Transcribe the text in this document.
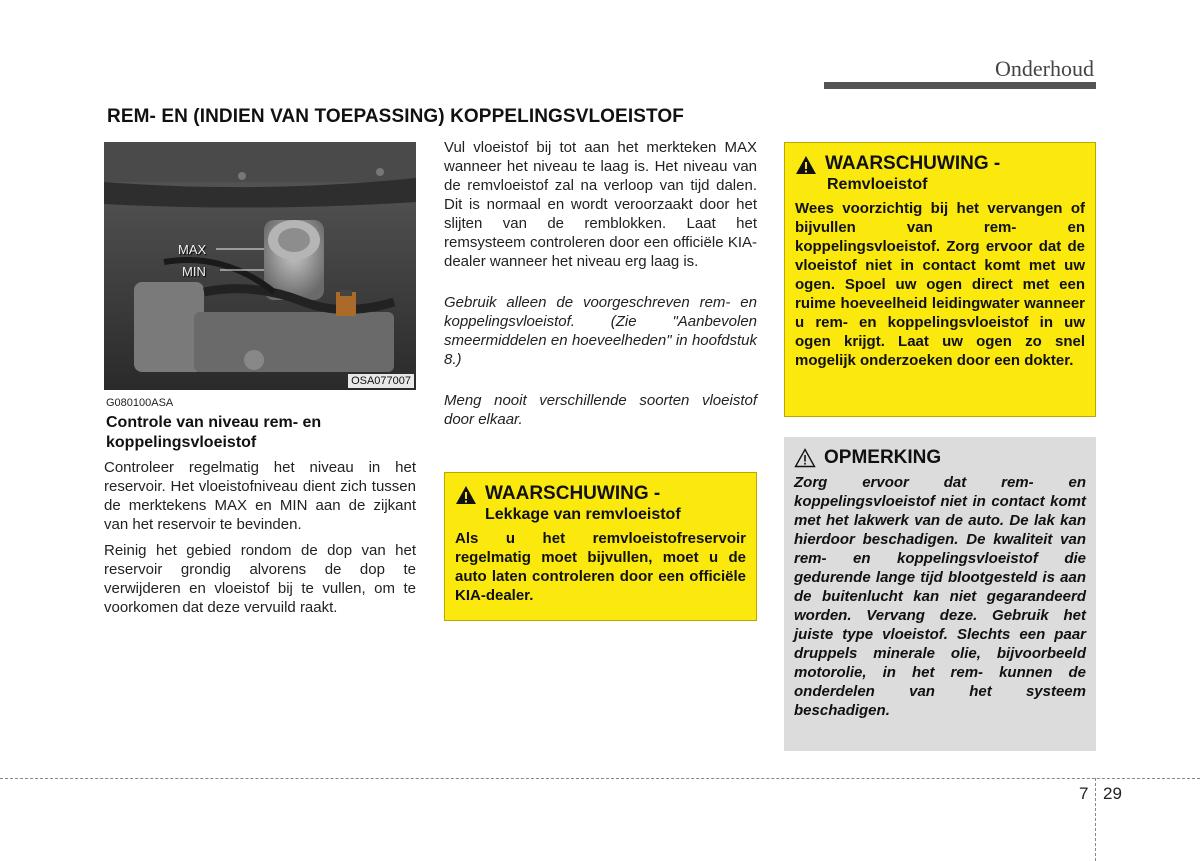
Onderhoud
REM- EN (INDIEN VAN TOEPASSING) KOPPELINGSVLOEISTOF
MAX
MIN
OSA077007
G080100ASA
Controle van niveau rem- en koppelingsvloeistof

Controleer regelmatig het niveau in het reservoir. Het vloeistofniveau dient zich tussen de merktekens MAX en MIN aan de zijkant van het reservoir te bevinden.

Reinig het gebied rondom de dop van het reservoir grondig alvorens de dop te verwijderen en vloeistof bij te vullen, om te voorkomen dat deze vervuild raakt.

Vul vloeistof bij tot aan het merkteken MAX wanneer het niveau te laag is. Het niveau van de remvloeistof zal na verloop van tijd dalen. Dit is normaal en wordt veroorzaakt door het slijten van de remblokken. Laat het remsysteem controleren door een officiële KIA-dealer wanneer het niveau erg laag is.

Gebruik alleen de voorgeschreven rem- en koppelingsvloeistof. (Zie "Aanbevolen smeermiddelen en hoeveelheden" in hoofdstuk 8.)

Meng nooit verschillende soorten vloeistof door elkaar.

WAARSCHUWING -
Lekkage van remvloeistof
Als u het remvloeistofreservoir regelmatig moet bijvullen, moet u de auto laten controleren door een officiële KIA-dealer.
WAARSCHUWING -
Remvloeistof
Wees voorzichtig bij het vervangen of bijvullen van rem- en koppelingsvloeistof. Zorg ervoor dat de vloeistof niet in contact komt met uw ogen. Spoel uw ogen direct met een ruime hoeveelheid leidingwater wanneer u rem- en koppelingsvloeistof in uw ogen krijgt. Laat uw ogen zo snel mogelijk onderzoeken door een dokter.
OPMERKING
Zorg ervoor dat rem- en koppelingsvloeistof niet in contact komt met het lakwerk van de auto. De lak kan hierdoor beschadigen. De kwaliteit van rem- en koppelingsvloeistof die gedurende lange tijd blootgesteld is aan de buitenlucht kan niet gegarandeerd worden. Vervang deze. Gebruik het juiste type vloeistof. Slechts een paar druppels minerale olie, bijvoorbeeld motorolie, in het rem- kunnen de onderdelen van het systeem beschadigen.
7 29
